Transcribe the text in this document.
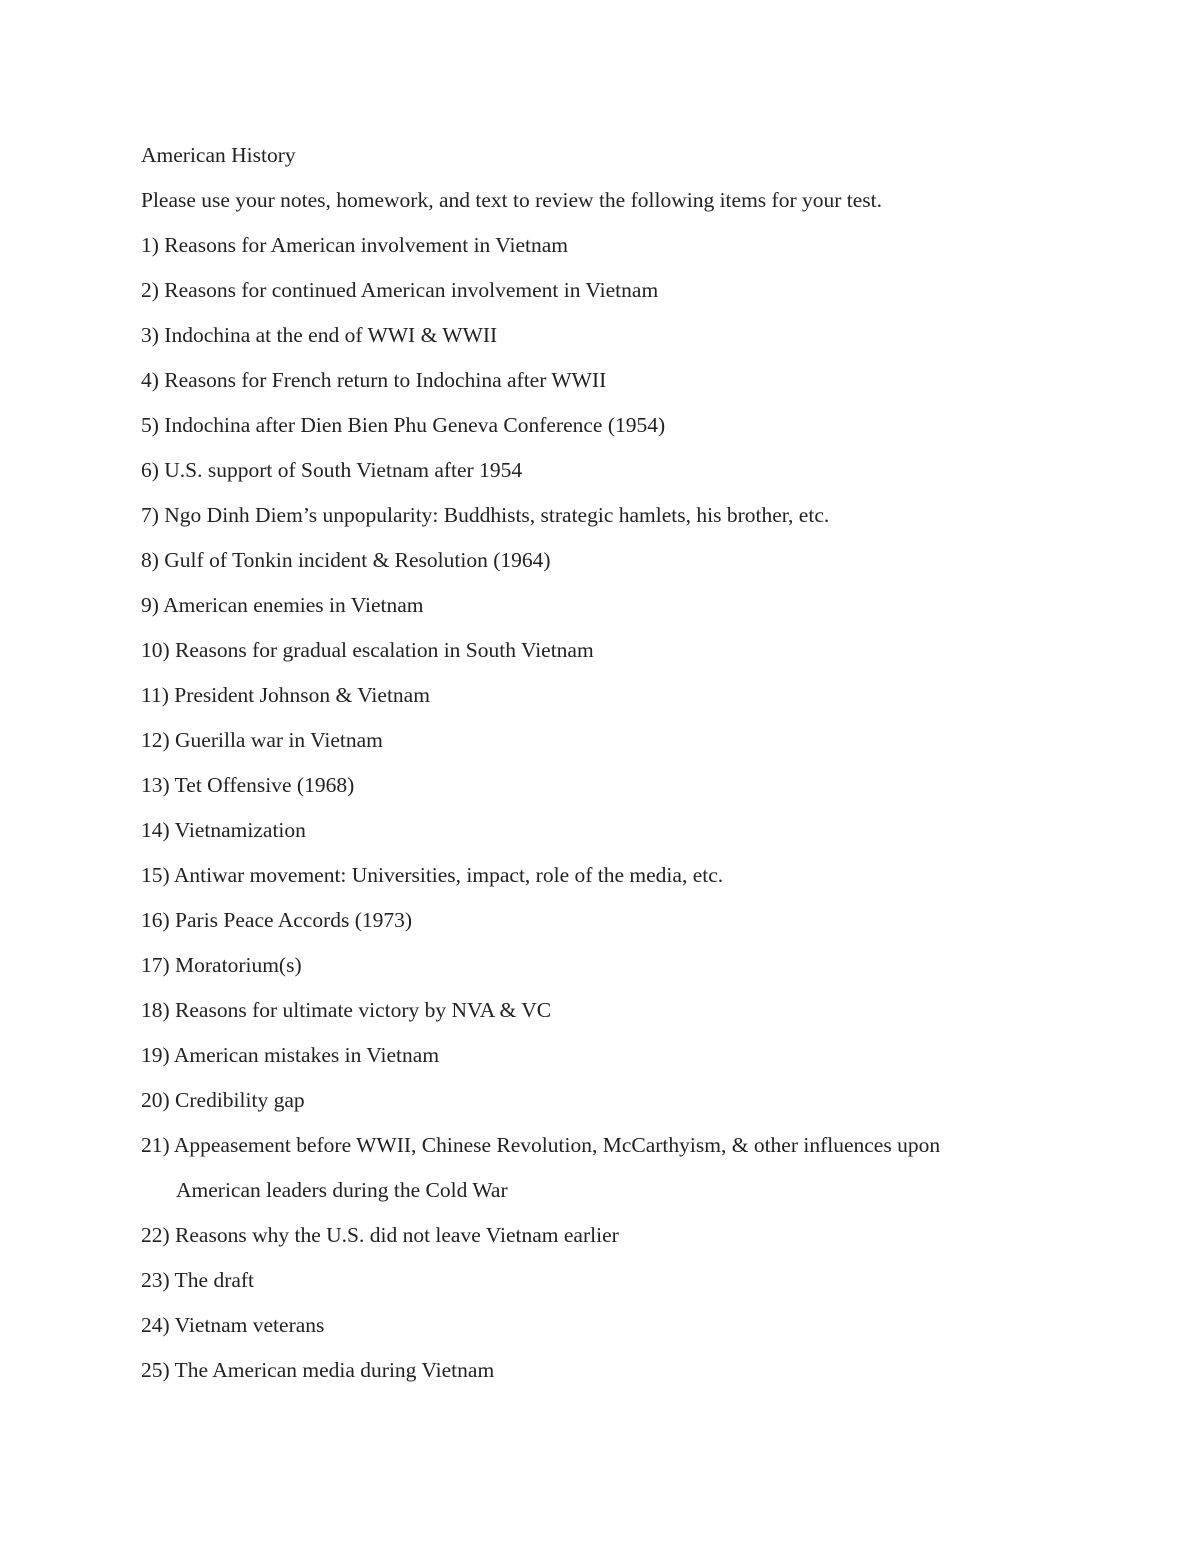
American History
Please use your notes, homework, and text to review the following items for your test.
1) Reasons for American involvement in Vietnam
2) Reasons for continued American involvement in Vietnam
3) Indochina at the end of WWI & WWII
4) Reasons for French return to Indochina after WWII
5) Indochina after Dien Bien Phu Geneva Conference (1954)
6) U.S. support of South Vietnam after 1954
7) Ngo Dinh Diem’s unpopularity: Buddhists, strategic hamlets, his brother, etc.
8) Gulf of Tonkin incident & Resolution (1964)
9) American enemies in Vietnam
10) Reasons for gradual escalation in South Vietnam
11) President Johnson & Vietnam
12) Guerilla war in Vietnam
13) Tet Offensive (1968)
14) Vietnamization
15) Antiwar movement: Universities, impact, role of the media, etc.
16) Paris Peace Accords (1973)
17) Moratorium(s)
18) Reasons for ultimate victory by NVA & VC
19) American mistakes in Vietnam
20) Credibility gap
21) Appeasement before WWII, Chinese Revolution, McCarthyism, & other influences upon
American leaders during the Cold War
22) Reasons why the U.S. did not leave Vietnam earlier
23) The draft
24) Vietnam veterans
25) The American media during Vietnam
